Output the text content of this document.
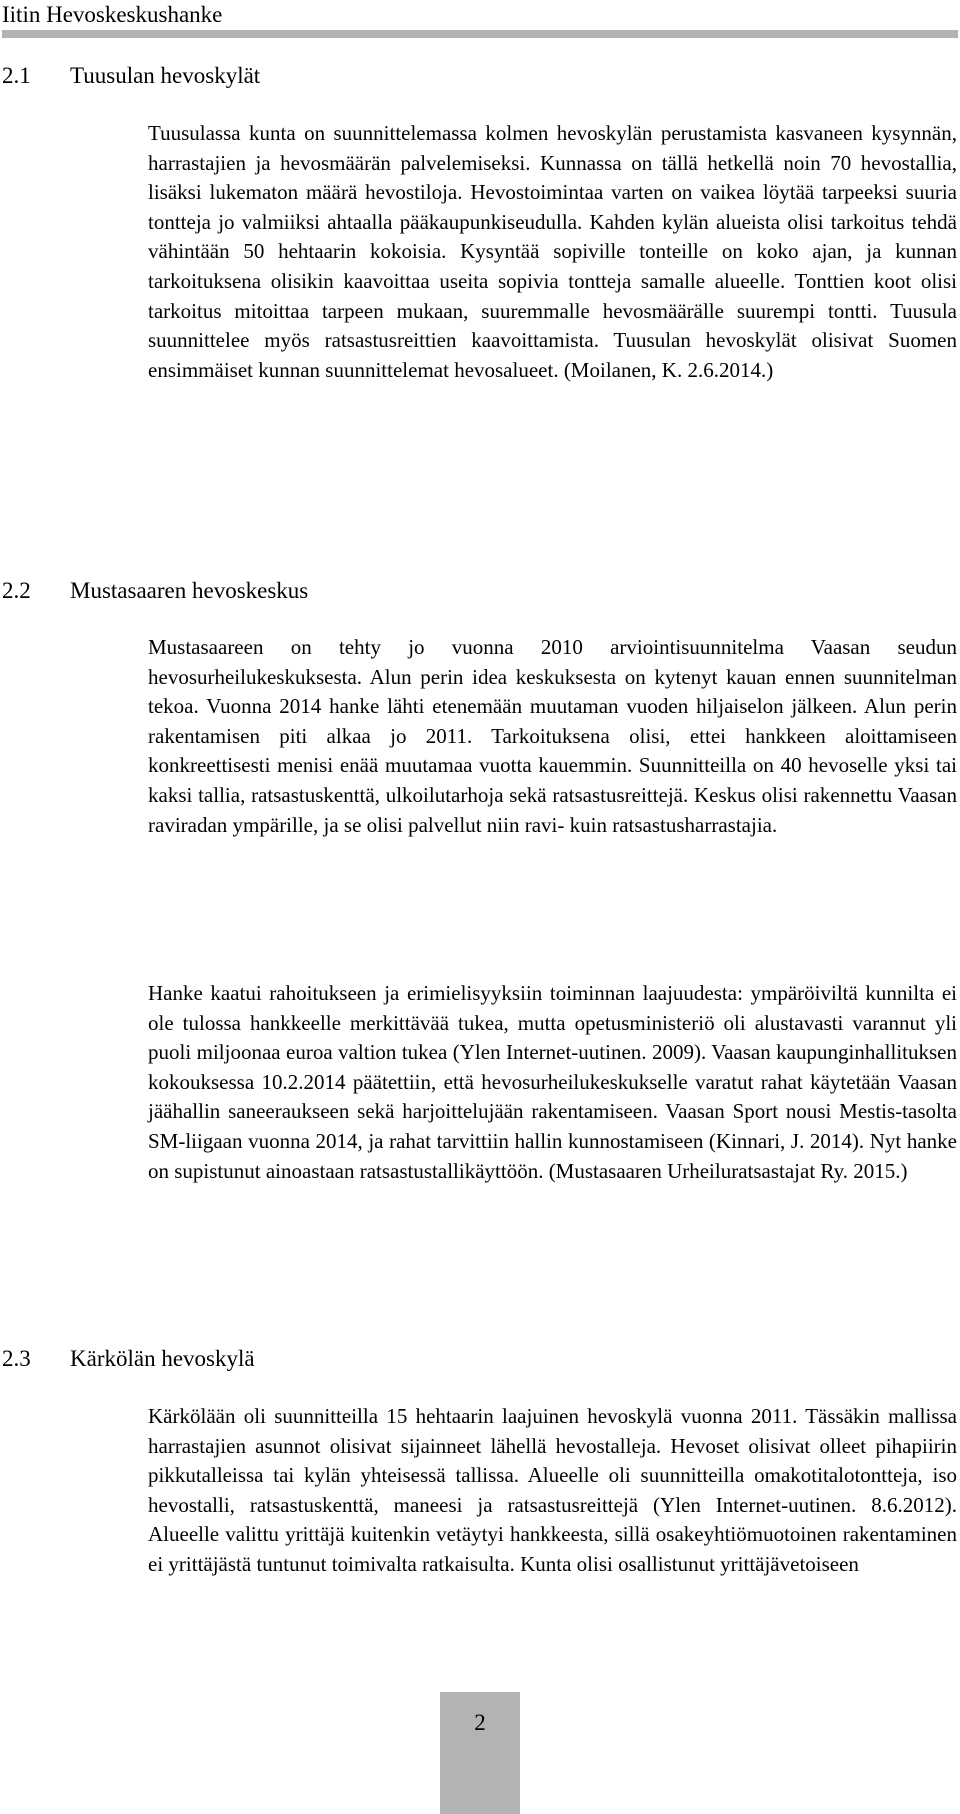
Iitin Hevoskeskushanke
2.1 Tuusulan hevoskylät

Tuusulassa kunta on suunnittelemassa kolmen hevoskylän perustamista kasvaneen kysynnän, harrastajien ja hevosmäärän palvelemiseksi. Kunnassa on tällä hetkellä noin 70 hevostallia, lisäksi lukematon määrä hevostiloja. Hevostoimintaa varten on vaikea löytää tarpeeksi suuria tontteja jo valmiiksi ahtaalla pääkaupunkiseudulla. Kahden kylän alueista olisi tarkoitus tehdä vähintään 50 hehtaarin kokoisia. Kysyntää sopiville tonteille on koko ajan, ja kunnan tarkoituksena olisikin kaavoittaa useita sopivia tontteja samalle alueelle. Tonttien koot olisi tarkoitus mitoittaa tarpeen mukaan, suuremmalle hevosmäärälle suurempi tontti. Tuusula suunnittelee myös ratsastusreittien kaavoittamista. Tuusulan hevoskylät olisivat Suomen ensimmäiset kunnan suunnittelemat hevosalueet. (Moilanen, K. 2.6.2014.)

2.2 Mustasaaren hevoskeskus

Mustasaareen on tehty jo vuonna 2010 arviointisuunnitelma Vaasan seudun hevosurheilukeskuksesta. Alun perin idea keskuksesta on kytenyt kauan ennen suunnitelman tekoa. Vuonna 2014 hanke lähti etenemään muutaman vuoden hiljaiselon jälkeen. Alun perin rakentamisen piti alkaa jo 2011. Tarkoituksena olisi, ettei hankkeen aloittamiseen konkreettisesti menisi enää muutamaa vuotta kauemmin. Suunnitteilla on 40 hevoselle yksi tai kaksi tallia, ratsastuskenttä, ulkoilutarhoja sekä ratsastusreittejä. Keskus olisi rakennettu Vaasan raviradan ympärille, ja se olisi palvellut niin ravi- kuin ratsastusharrastajia.

Hanke kaatui rahoitukseen ja erimielisyyksiin toiminnan laajuudesta: ympäröiviltä kunnilta ei ole tulossa hankkeelle merkittävää tukea, mutta opetusministeriö oli alustavasti varannut yli puoli miljoonaa euroa valtion tukea (Ylen Internet-uutinen. 2009). Vaasan kaupunginhallituksen kokouksessa 10.2.2014 päätettiin, että hevosurheilukeskukselle varatut rahat käytetään Vaasan jäähallin saneeraukseen sekä harjoittelujään rakentamiseen. Vaasan Sport nousi Mestis-tasolta SM-liigaan vuonna 2014, ja rahat tarvittiin hallin kunnostamiseen (Kinnari, J. 2014). Nyt hanke on supistunut ainoastaan ratsastustallikäyttöön. (Mustasaaren Urheiluratsastajat Ry. 2015.)

2.3 Kärkölän hevoskylä

Kärkölään oli suunnitteilla 15 hehtaarin laajuinen hevoskylä vuonna 2011. Tässäkin mallissa harrastajien asunnot olisivat sijainneet lähellä hevostalleja. Hevoset olisivat olleet pihapiirin pikkutalleissa tai kylän yhteisessä tallissa. Alueelle oli suunnitteilla omakotitalotontteja, iso hevostalli, ratsastuskenttä, maneesi ja ratsastusreittejä (Ylen Internet-uutinen. 8.6.2012). Alueelle valittu yrittäjä kuitenkin vetäytyi hankkeesta, sillä osakeyhtiömuotoinen rakentaminen ei yrittäjästä tuntunut toimivalta ratkaisulta. Kunta olisi osallistunut yrittäjävetoiseen

2
